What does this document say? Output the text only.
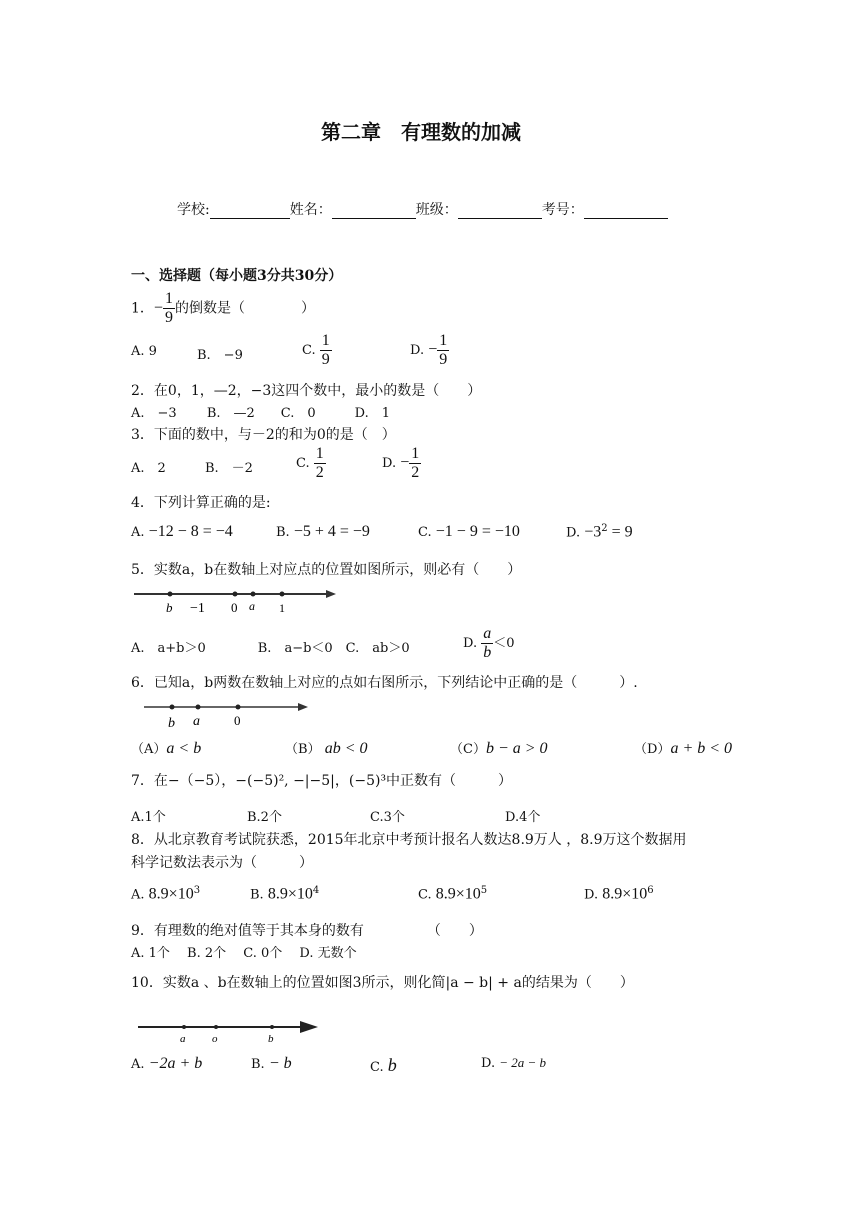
第二章　有理数的加减
学校:	姓名：	班级：	考号：
一、选择题（每小题3分共30分）
1．− $\frac{1}{9}$ 的倒数是（　　　　）
A. 9	B.　−9	C. $\frac{1}{9}$	D. − $\frac{1}{9}$
2．在0，1，—2，−3这四个数中，最小的数是（　　）
A.　−3　　 B.　—2　　C.　0　　　D.　1
3．下面的数中，与－2的和为0的是（　）
A.　2	B.　－2	C. $\frac{1}{2}$	D. − $\frac{1}{2}$
4．下列计算正确的是:
A. −12 − 8 = −4	B. −5 + 4 = −9	C. −1 − 9 = −10	D. $-3^2 = 9$
5．实数a，b在数轴上对应点的位置如图所示，则必有（　　）
b −1 0 a 1
A.　a+b＞0　　　　B.　a−b＜0　C.　ab＞0	D. $\frac{a}{b} <0$
6．已知a，b两数在数轴上对应的点如右图所示，下列结论中正确的是（　　　）.
b a	0
（A）a < b	（B） ab < 0	（C）b − a > 0	（D）a + b < 0
7．在−（−5），−(−5)², −|−5|，(−5)³中正数有（　　　）
A.1个	B.2个	C.3个	D.4个
8．从北京教育考试院获悉，2015年北京中考预计报名人数达8.9万人 ，8.9万这个数据用
科学记数法表示为（　　　）
A. $8.9\times 10^3$	B. $8.9\times 10^4$	C. $8.9\times 10^5$	D. $8.9\times 10^6$
9．有理数的绝对值等于其本身的数有　　　　　（　　）
A. 1个　 B. 2个　 C. 0个　 D. 无数个
10．实数a 、b在数轴上的位置如图3所示，则化简|a − b| + a的结果为（　　）
a o	b
A. −2a + b	B. − b	C. b	D. − 2a − b
